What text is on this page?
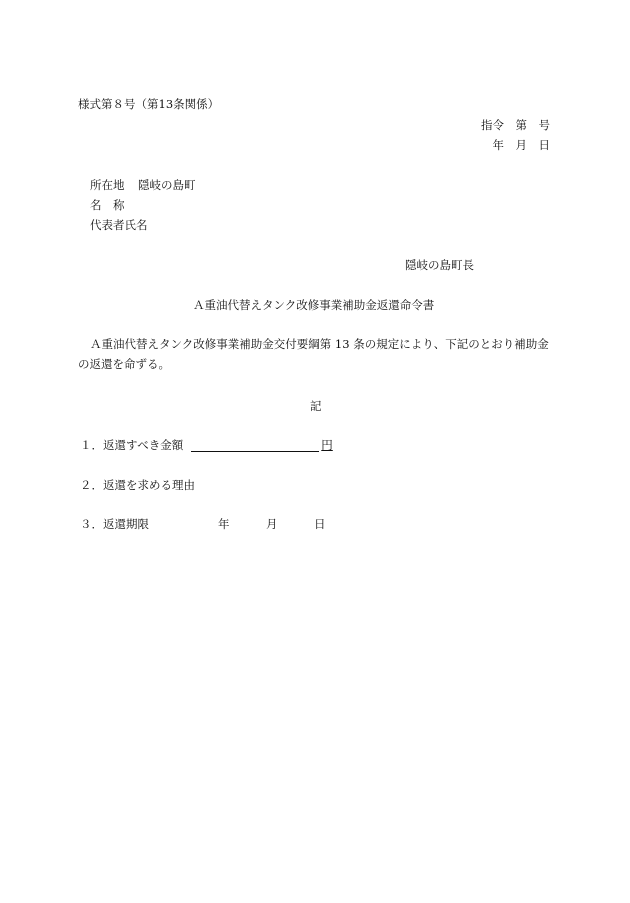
様式第８号（第13条関係）
指令　第　号
年　月　日
所在地 隠岐の島町
名　称
代表者氏名
隠岐の島町長
Ａ重油代替えタンク改修事業補助金返還命令書
Ａ重油代替えタンク改修事業補助金交付要綱第 13 条の規定により、下記のとおり補助金
の返還を命ずる。
記
１．返還すべき金額	円
２．返還を求める理由
３．返還期限	年	月	日
